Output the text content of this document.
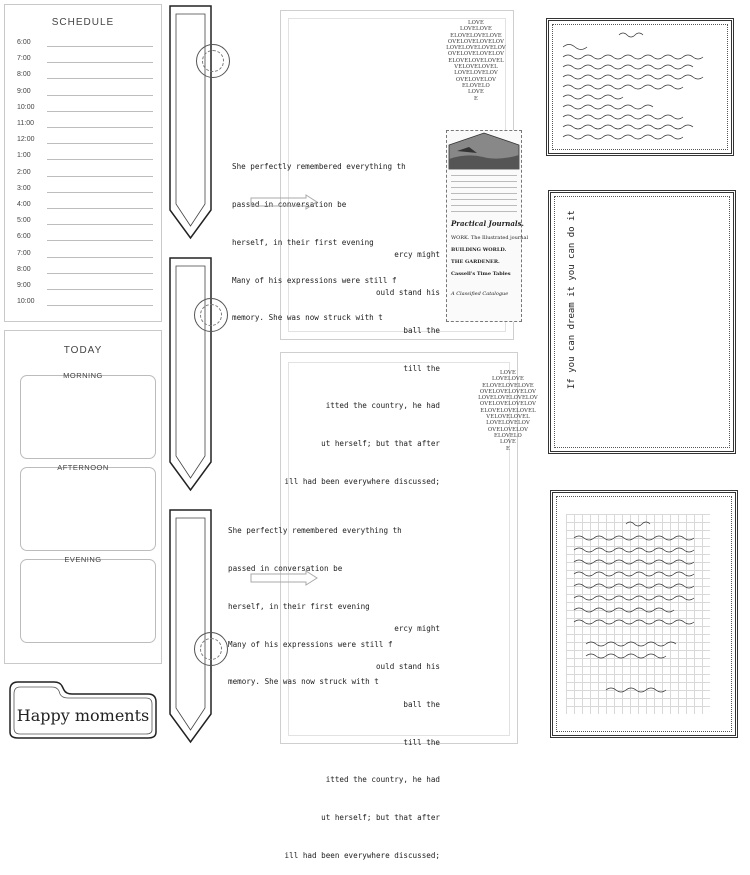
SCHEDULE
6:00
7:00
8:00
9:00
10:00
11:00
12:00
1:00
2:00
3:00
4:00
5:00
6:00
7:00
8:00
9:00
10:00
TODAY
MORNING
AFTERNOON
EVENING
Happy moments

She perfectly remembered everything th

passed in conversation be

herself, in their first evening

Many of his expressions were still f

memory. She was now struck with t

ercy might

ould stand his

ball the

till the

itted the country, he had

ut herself; but that after

ill had been everywhere discussed;

LOVE
LOVELOVE
ELOVELOVELOVE
OVELOVELOVELOV
LOVELOVELOVELOV
OVELOVELOVELOV
ELOVELOVELOVEL
VELOVELOVEL
LOVELOVELOV
OVELOVELOV
ELOVELO
LOVE
E
Practical Journals.
WORK. The Illustrated journal
BUILDING WORLD.
THE GARDENER.
Cassell's Time Tables
A Classified Catalogue

She perfectly remembered everything th

passed in conversation be

herself, in their first evening

Many of his expressions were still f

memory. She was now struck with t

ercy might

ould stand his

ball the

till the

itted the country, he had

ut herself; but that after

ill had been everywhere discussed;

LOVE
LOVELOVE
ELOVELOVELOVE
OVELOVELOVELOV
LOVELOVELOVELOV
OVELOVELOVELOV
ELOVELOVELOVEL
VELOVELOVEL
LOVELOVELOV
OVELOVELOV
ELOVELO
LOVE
E
If you can dream it you can do it
